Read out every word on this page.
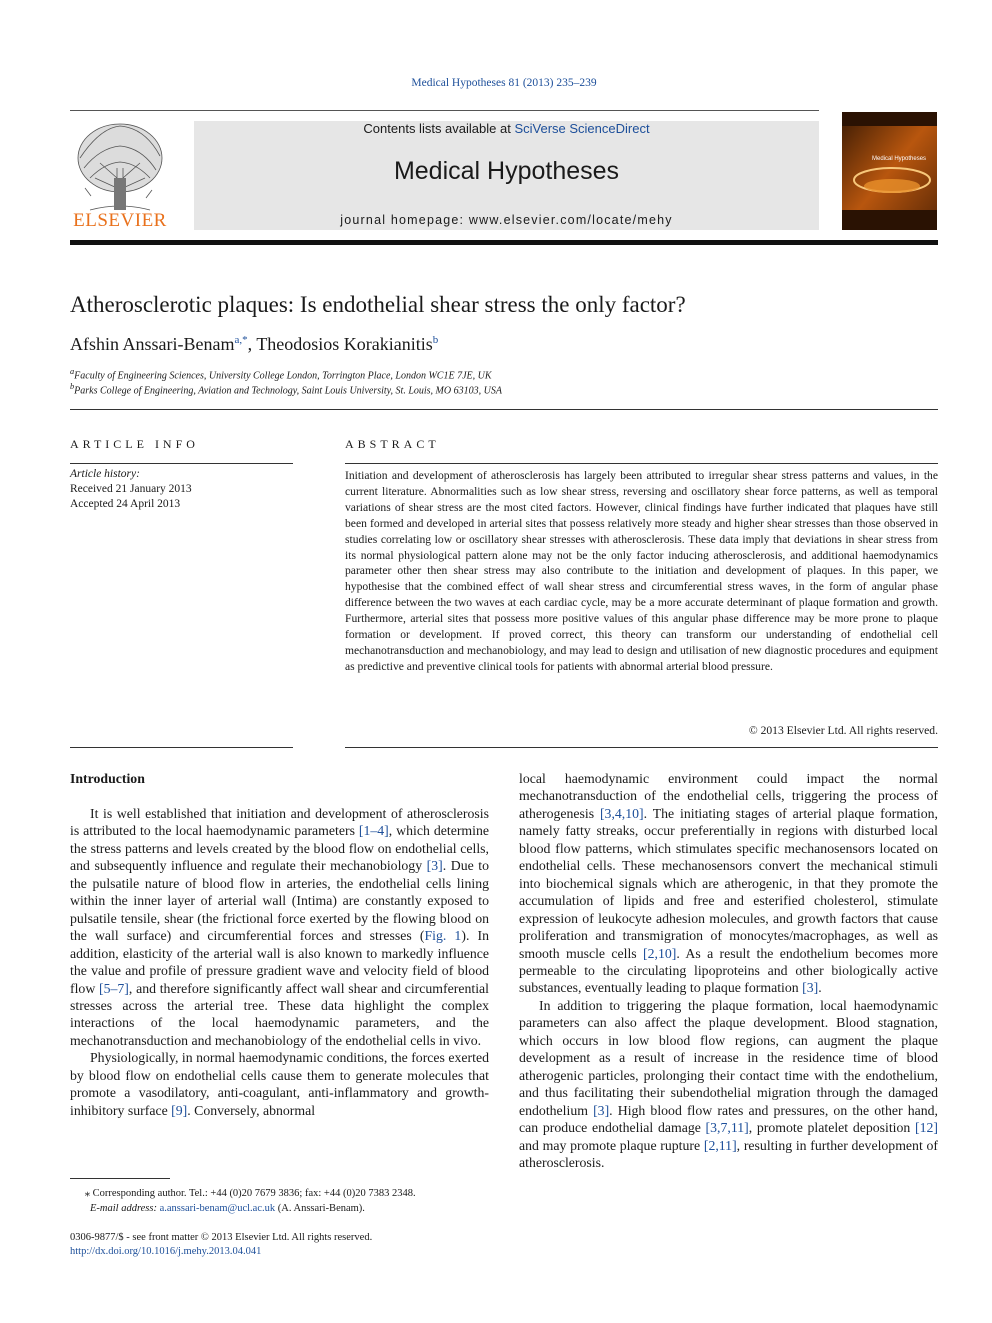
Medical Hypotheses 81 (2013) 235–239
ELSEVIER
Contents lists available at SciVerse ScienceDirect
Medical Hypotheses
journal homepage: www.elsevier.com/locate/mehy
Medical Hypotheses
Atherosclerotic plaques: Is endothelial shear stress the only factor?
Afshin Anssari-Benam$^{a,*}$, Theodosios Korakianitis$^b$
$^a$Faculty of Engineering Sciences, University College London, Torrington Place, London WC1E 7JE, UK
$^b$Parks College of Engineering, Aviation and Technology, Saint Louis University, St. Louis, MO 63103, USA
ARTICLE INFO
Article history:
Received 21 January 2013
Accepted 24 April 2013
ABSTRACT
Initiation and development of atherosclerosis has largely been attributed to irregular shear stress patterns and values, in the current literature. Abnormalities such as low shear stress, reversing and oscillatory shear force patterns, as well as temporal variations of shear stress are the most cited factors. However, clinical findings have further indicated that plaques have still been formed and developed in arterial sites that possess relatively more steady and higher shear stresses than those observed in studies correlating low or oscillatory shear stresses with atherosclerosis. These data imply that deviations in shear stress from its normal physiological pattern alone may not be the only factor inducing atherosclerosis, and additional haemodynamics parameter other then shear stress may also contribute to the initiation and development of plaques. In this paper, we hypothesise that the combined effect of wall shear stress and circumferential stress waves, in the form of angular phase difference between the two waves at each cardiac cycle, may be a more accurate determinant of plaque formation and growth. Furthermore, arterial sites that possess more positive values of this angular phase difference may be more prone to plaque formation or development. If proved correct, this theory can transform our understanding of endothelial cell mechanotransduction and mechanobiology, and may lead to design and utilisation of new diagnostic procedures and equipment as predictive and preventive clinical tools for patients with abnormal arterial blood pressure.
© 2013 Elsevier Ltd. All rights reserved.
Introduction

It is well established that initiation and development of atherosclerosis is attributed to the local haemodynamic parameters [1–4], which determine the stress patterns and levels created by the blood flow on endothelial cells, and subsequently influence and regulate their mechanobiology [3]. Due to the pulsatile nature of blood flow in arteries, the endothelial cells lining within the inner layer of arterial wall (Intima) are constantly exposed to pulsatile tensile, shear (the frictional force exerted by the flowing blood on the wall surface) and circumferential forces and stresses (Fig. 1). In addition, elasticity of the arterial wall is also known to markedly influence the value and profile of pressure gradient wave and velocity field of blood flow [5–7], and therefore significantly affect wall shear and circumferential stresses across the arterial tree. These data highlight the complex interactions of the local haemodynamic parameters, and the mechanotransduction and mechanobiology of the endothelial cells in vivo.

Physiologically, in normal haemodynamic conditions, the forces exerted by blood flow on endothelial cells cause them to generate molecules that promote a vasodilatory, anti-coagulant, anti-inflammatory and growth-inhibitory surface [9]. Conversely, abnormal

local haemodynamic environment could impact the normal mechanotransduction of the endothelial cells, triggering the process of atherogenesis [3,4,10]. The initiating stages of arterial plaque formation, namely fatty streaks, occur preferentially in regions with disturbed local blood flow patterns, which stimulates specific mechanosensors located on endothelial cells. These mechanosensors convert the mechanical stimuli into biochemical signals which are atherogenic, in that they promote the accumulation of lipids and free and esterified cholesterol, stimulate expression of leukocyte adhesion molecules, and growth factors that cause proliferation and transmigration of monocytes/macrophages, as well as smooth muscle cells [2,10]. As a result the endothelium becomes more permeable to the circulating lipoproteins and other biologically active substances, eventually leading to plaque formation [3].

In addition to triggering the plaque formation, local haemodynamic parameters can also affect the plaque development. Blood stagnation, which occurs in low blood flow regions, can augment the plaque development as a result of increase in the residence time of blood atherogenic particles, prolonging their contact time with the endothelium, and thus facilitating their subendothelial migration through the damaged endothelium [3]. High blood flow rates and pressures, on the other hand, can produce endothelial damage [3,7,11], promote platelet deposition [12] and may promote plaque rupture [2,11], resulting in further development of atherosclerosis.

⁎ Corresponding author. Tel.: +44 (0)20 7679 3836; fax: +44 (0)20 7383 2348.
E-mail address: a.anssari-benam@ucl.ac.uk (A. Anssari-Benam).
0306-9877/$ - see front matter © 2013 Elsevier Ltd. All rights reserved.
http://dx.doi.org/10.1016/j.mehy.2013.04.041
